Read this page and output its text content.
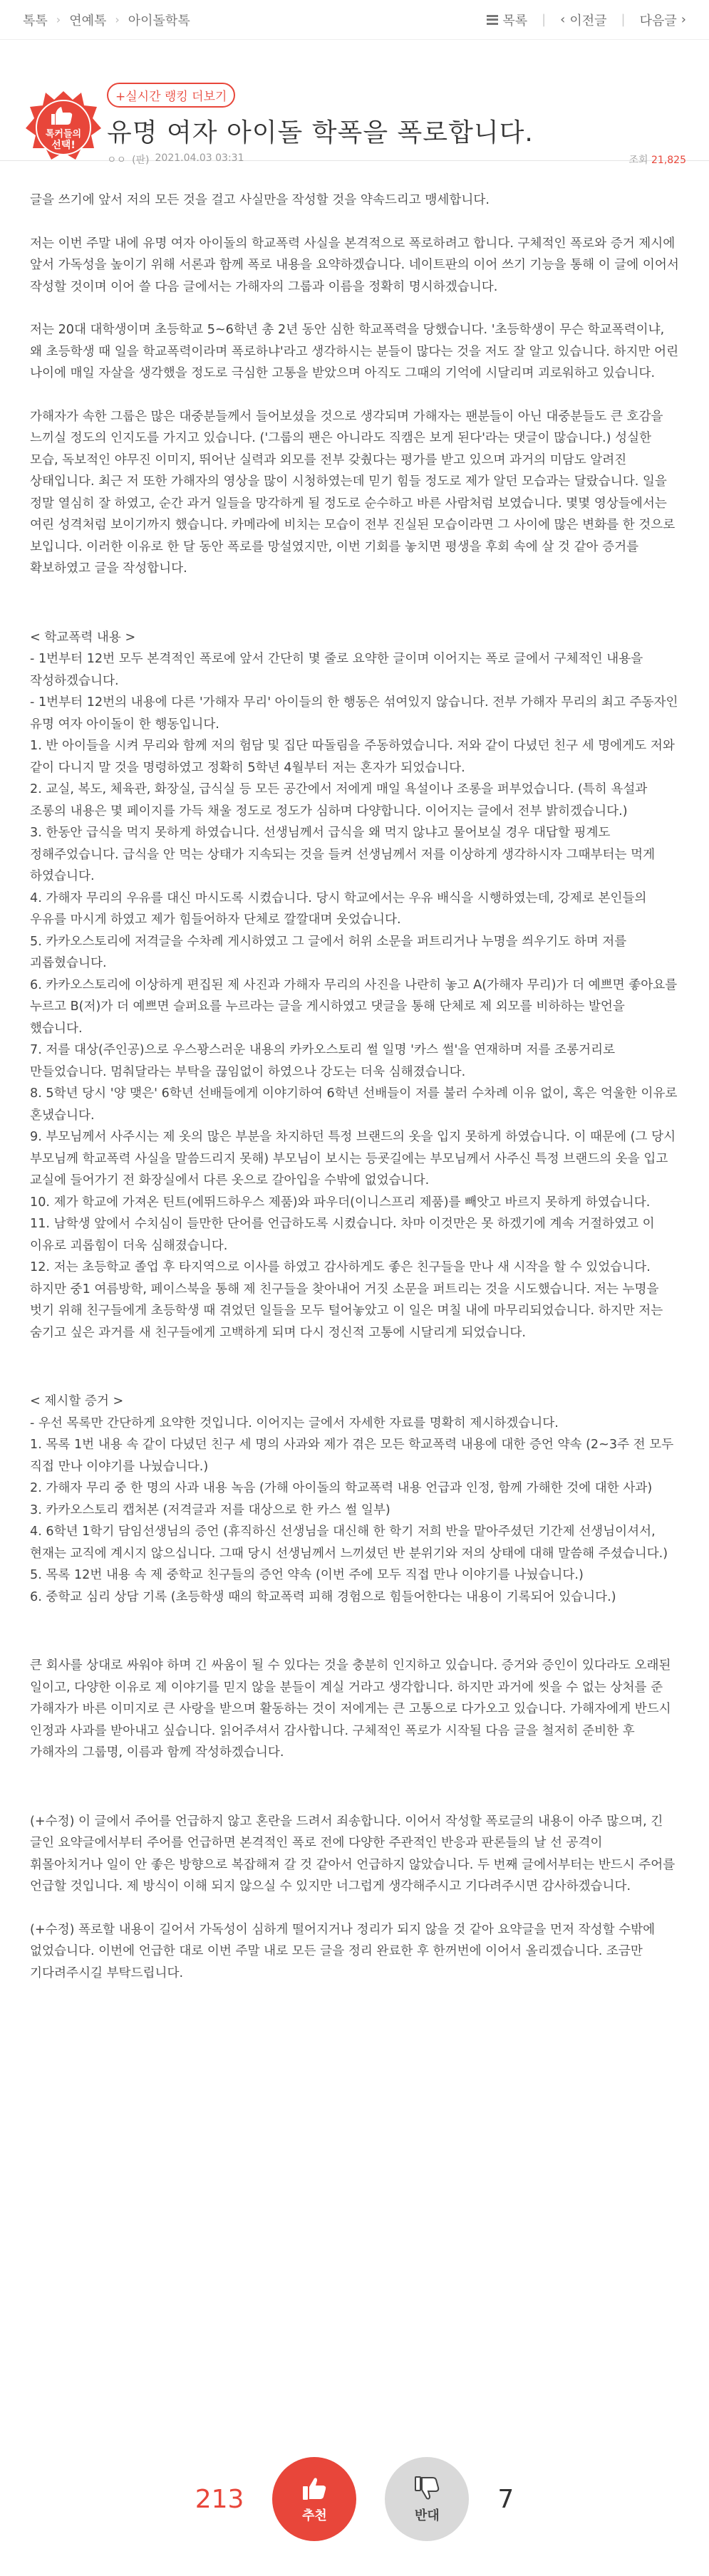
톡톡 › 연예톡 › 아이돌학톡	목록 | ‹ 이전글 | 다음글 ›
톡커들의
선택!
+실시간 랭킹 더보기
유명 여자 아이돌 학폭을 폭로합니다.
ㅇㅇ (판) 2021.04.03 03:31	조회 21,825

글을 쓰기에 앞서 저의 모든 것을 걸고 사실만을 작성할 것을 약속드리고 맹세합니다.

저는 이번 주말 내에 유명 여자 아이돌의 학교폭력 사실을 본격적으로 폭로하려고 합니다. 구체적인 폭로와 증거 제시에 앞서 가독성을 높이기 위해 서론과 함께 폭로 내용을 요약하겠습니다. 네이트판의 이어 쓰기 기능을 통해 이 글에 이어서 작성할 것이며 이어 쓸 다음 글에서는 가해자의 그룹과 이름을 정확히 명시하겠습니다.

저는 20대 대학생이며 초등학교 5~6학년 총 2년 동안 심한 학교폭력을 당했습니다. '초등학생이 무슨 학교폭력이냐, 왜 초등학생 때 일을 학교폭력이라며 폭로하냐'라고 생각하시는 분들이 많다는 것을 저도 잘 알고 있습니다. 하지만 어린 나이에 매일 자살을 생각했을 정도로 극심한 고통을 받았으며 아직도 그때의 기억에 시달리며 괴로워하고 있습니다.

가해자가 속한 그룹은 많은 대중분들께서 들어보셨을 것으로 생각되며 가해자는 팬분들이 아닌 대중분들도 큰 호감을 느끼실 정도의 인지도를 가지고 있습니다. ('그룹의 팬은 아니라도 직캠은 보게 된다'라는 댓글이 많습니다.) 성실한 모습, 독보적인 야무진 이미지, 뛰어난 실력과 외모를 전부 갖췄다는 평가를 받고 있으며 과거의 미담도 알려진 상태입니다. 최근 저 또한 가해자의 영상을 많이 시청하였는데 믿기 힘들 정도로 제가 알던 모습과는 달랐습니다. 일을 정말 열심히 잘 하였고, 순간 과거 일들을 망각하게 될 정도로 순수하고 바른 사람처럼 보였습니다. 몇몇 영상들에서는 여린 성격처럼 보이기까지 했습니다. 카메라에 비치는 모습이 전부 진실된 모습이라면 그 사이에 많은 변화를 한 것으로 보입니다. 이러한 이유로 한 달 동안 폭로를 망설였지만, 이번 기회를 놓치면 평생을 후회 속에 살 것 같아 증거를 확보하였고 글을 작성합니다.

< 학교폭력 내용 >

- 1번부터 12번 모두 본격적인 폭로에 앞서 간단히 몇 줄로 요약한 글이며 이어지는 폭로 글에서 구체적인 내용을 작성하겠습니다.

- 1번부터 12번의 내용에 다른 '가해자 무리' 아이들의 한 행동은 섞여있지 않습니다. 전부 가해자 무리의 최고 주동자인 유명 여자 아이돌이 한 행동입니다.

1. 반 아이들을 시켜 무리와 함께 저의 험담 및 집단 따돌림을 주동하였습니다. 저와 같이 다녔던 친구 세 명에게도 저와 같이 다니지 말 것을 명령하였고 정확히 5학년 4월부터 저는 혼자가 되었습니다.

2. 교실, 복도, 체육관, 화장실, 급식실 등 모든 공간에서 저에게 매일 욕설이나 조롱을 퍼부었습니다. (특히 욕설과 조롱의 내용은 몇 페이지를 가득 채울 정도로 정도가 심하며 다양합니다. 이어지는 글에서 전부 밝히겠습니다.)

3. 한동안 급식을 먹지 못하게 하였습니다. 선생님께서 급식을 왜 먹지 않냐고 물어보실 경우 대답할 핑계도 정해주었습니다. 급식을 안 먹는 상태가 지속되는 것을 들켜 선생님께서 저를 이상하게 생각하시자 그때부터는 먹게 하였습니다.

4. 가해자 무리의 우유를 대신 마시도록 시켰습니다. 당시 학교에서는 우유 배식을 시행하였는데, 강제로 본인들의 우유를 마시게 하였고 제가 힘들어하자 단체로 깔깔대며 웃었습니다.

5. 카카오스토리에 저격글을 수차례 게시하였고 그 글에서 허위 소문을 퍼트리거나 누명을 씌우기도 하며 저를 괴롭혔습니다.

6. 카카오스토리에 이상하게 편집된 제 사진과 가해자 무리의 사진을 나란히 놓고 A(가해자 무리)가 더 예쁘면 좋아요를 누르고 B(저)가 더 예쁘면 슬퍼요를 누르라는 글을 게시하였고 댓글을 통해 단체로 제 외모를 비하하는 발언을 했습니다.

7. 저를 대상(주인공)으로 우스꽝스러운 내용의 카카오스토리 썰 일명 '카스 썰'을 연재하며 저를 조롱거리로 만들었습니다. 멈춰달라는 부탁을 끊임없이 하였으나 강도는 더욱 심해졌습니다.

8. 5학년 당시 '양 맺은' 6학년 선배들에게 이야기하여 6학년 선배들이 저를 불러 수차례 이유 없이, 혹은 억울한 이유로 혼냈습니다.

9. 부모님께서 사주시는 제 옷의 많은 부분을 차지하던 특정 브랜드의 옷을 입지 못하게 하였습니다. 이 때문에 (그 당시 부모님께 학교폭력 사실을 말씀드리지 못해) 부모님이 보시는 등굣길에는 부모님께서 사주신 특정 브랜드의 옷을 입고 교실에 들어가기 전 화장실에서 다른 옷으로 갈아입을 수밖에 없었습니다.

10. 제가 학교에 가져온 틴트(에뛰드하우스 제품)와 파우더(이니스프리 제품)를 빼앗고 바르지 못하게 하였습니다.

11. 남학생 앞에서 수치심이 들만한 단어를 언급하도록 시켰습니다. 차마 이것만은 못 하겠기에 계속 거절하였고 이 이유로 괴롭힘이 더욱 심해졌습니다.

12. 저는 초등학교 졸업 후 타지역으로 이사를 하였고 감사하게도 좋은 친구들을 만나 새 시작을 할 수 있었습니다. 하지만 중1 여름방학, 페이스북을 통해 제 친구들을 찾아내어 거짓 소문을 퍼트리는 것을 시도했습니다. 저는 누명을 벗기 위해 친구들에게 초등학생 때 겪었던 일들을 모두 털어놓았고 이 일은 며칠 내에 마무리되었습니다. 하지만 저는 숨기고 싶은 과거를 새 친구들에게 고백하게 되며 다시 정신적 고통에 시달리게 되었습니다.

< 제시할 증거 >

- 우선 목록만 간단하게 요약한 것입니다. 이어지는 글에서 자세한 자료를 명확히 제시하겠습니다.

1. 목록 1번 내용 속 같이 다녔던 친구 세 명의 사과와 제가 겪은 모든 학교폭력 내용에 대한 증언 약속 (2~3주 전 모두 직접 만나 이야기를 나눴습니다.)

2. 가해자 무리 중 한 명의 사과 내용 녹음 (가해 아이돌의 학교폭력 내용 언급과 인정, 함께 가해한 것에 대한 사과)

3. 카카오스토리 캡처본 (저격글과 저를 대상으로 한 카스 썰 일부)

4. 6학년 1학기 담임선생님의 증언 (휴직하신 선생님을 대신해 한 학기 저희 반을 맡아주셨던 기간제 선생님이셔서, 현재는 교직에 계시지 않으십니다. 그때 당시 선생님께서 느끼셨던 반 분위기와 저의 상태에 대해 말씀해 주셨습니다.)

5. 목록 12번 내용 속 제 중학교 친구들의 증언 약속 (이번 주에 모두 직접 만나 이야기를 나눴습니다.)

6. 중학교 심리 상담 기록 (초등학생 때의 학교폭력 피해 경험으로 힘들어한다는 내용이 기록되어 있습니다.)

큰 회사를 상대로 싸워야 하며 긴 싸움이 될 수 있다는 것을 충분히 인지하고 있습니다. 증거와 증인이 있다라도 오래된 일이고, 다양한 이유로 제 이야기를 믿지 않을 분들이 계실 거라고 생각합니다. 하지만 과거에 씻을 수 없는 상처를 준 가해자가 바른 이미지로 큰 사랑을 받으며 활동하는 것이 저에게는 큰 고통으로 다가오고 있습니다. 가해자에게 반드시 인정과 사과를 받아내고 싶습니다. 읽어주셔서 감사합니다. 구체적인 폭로가 시작될 다음 글을 철저히 준비한 후 가해자의 그룹명, 이름과 함께 작성하겠습니다.

(+수정) 이 글에서 주어를 언급하지 않고 혼란을 드려서 죄송합니다. 이어서 작성할 폭로글의 내용이 아주 많으며, 긴 글인 요약글에서부터 주어를 언급하면 본격적인 폭로 전에 다양한 주관적인 반응과 판론들의 날 선 공격이 휘몰아치거나 일이 안 좋은 방향으로 복잡해져 갈 것 같아서 언급하지 않았습니다. 두 번째 글에서부터는 반드시 주어를 언급할 것입니다. 제 방식이 이해 되지 않으실 수 있지만 너그럽게 생각해주시고 기다려주시면 감사하겠습니다.

(+수정) 폭로할 내용이 길어서 가독성이 심하게 떨어지거나 정리가 되지 않을 것 같아 요약글을 먼저 작성할 수밖에 없었습니다. 이번에 언급한 대로 이번 주말 내로 모든 글을 정리 완료한 후 한꺼번에 이어서 올리겠습니다. 조금만 기다려주시길 부탁드립니다.

213
추천	반대
7
